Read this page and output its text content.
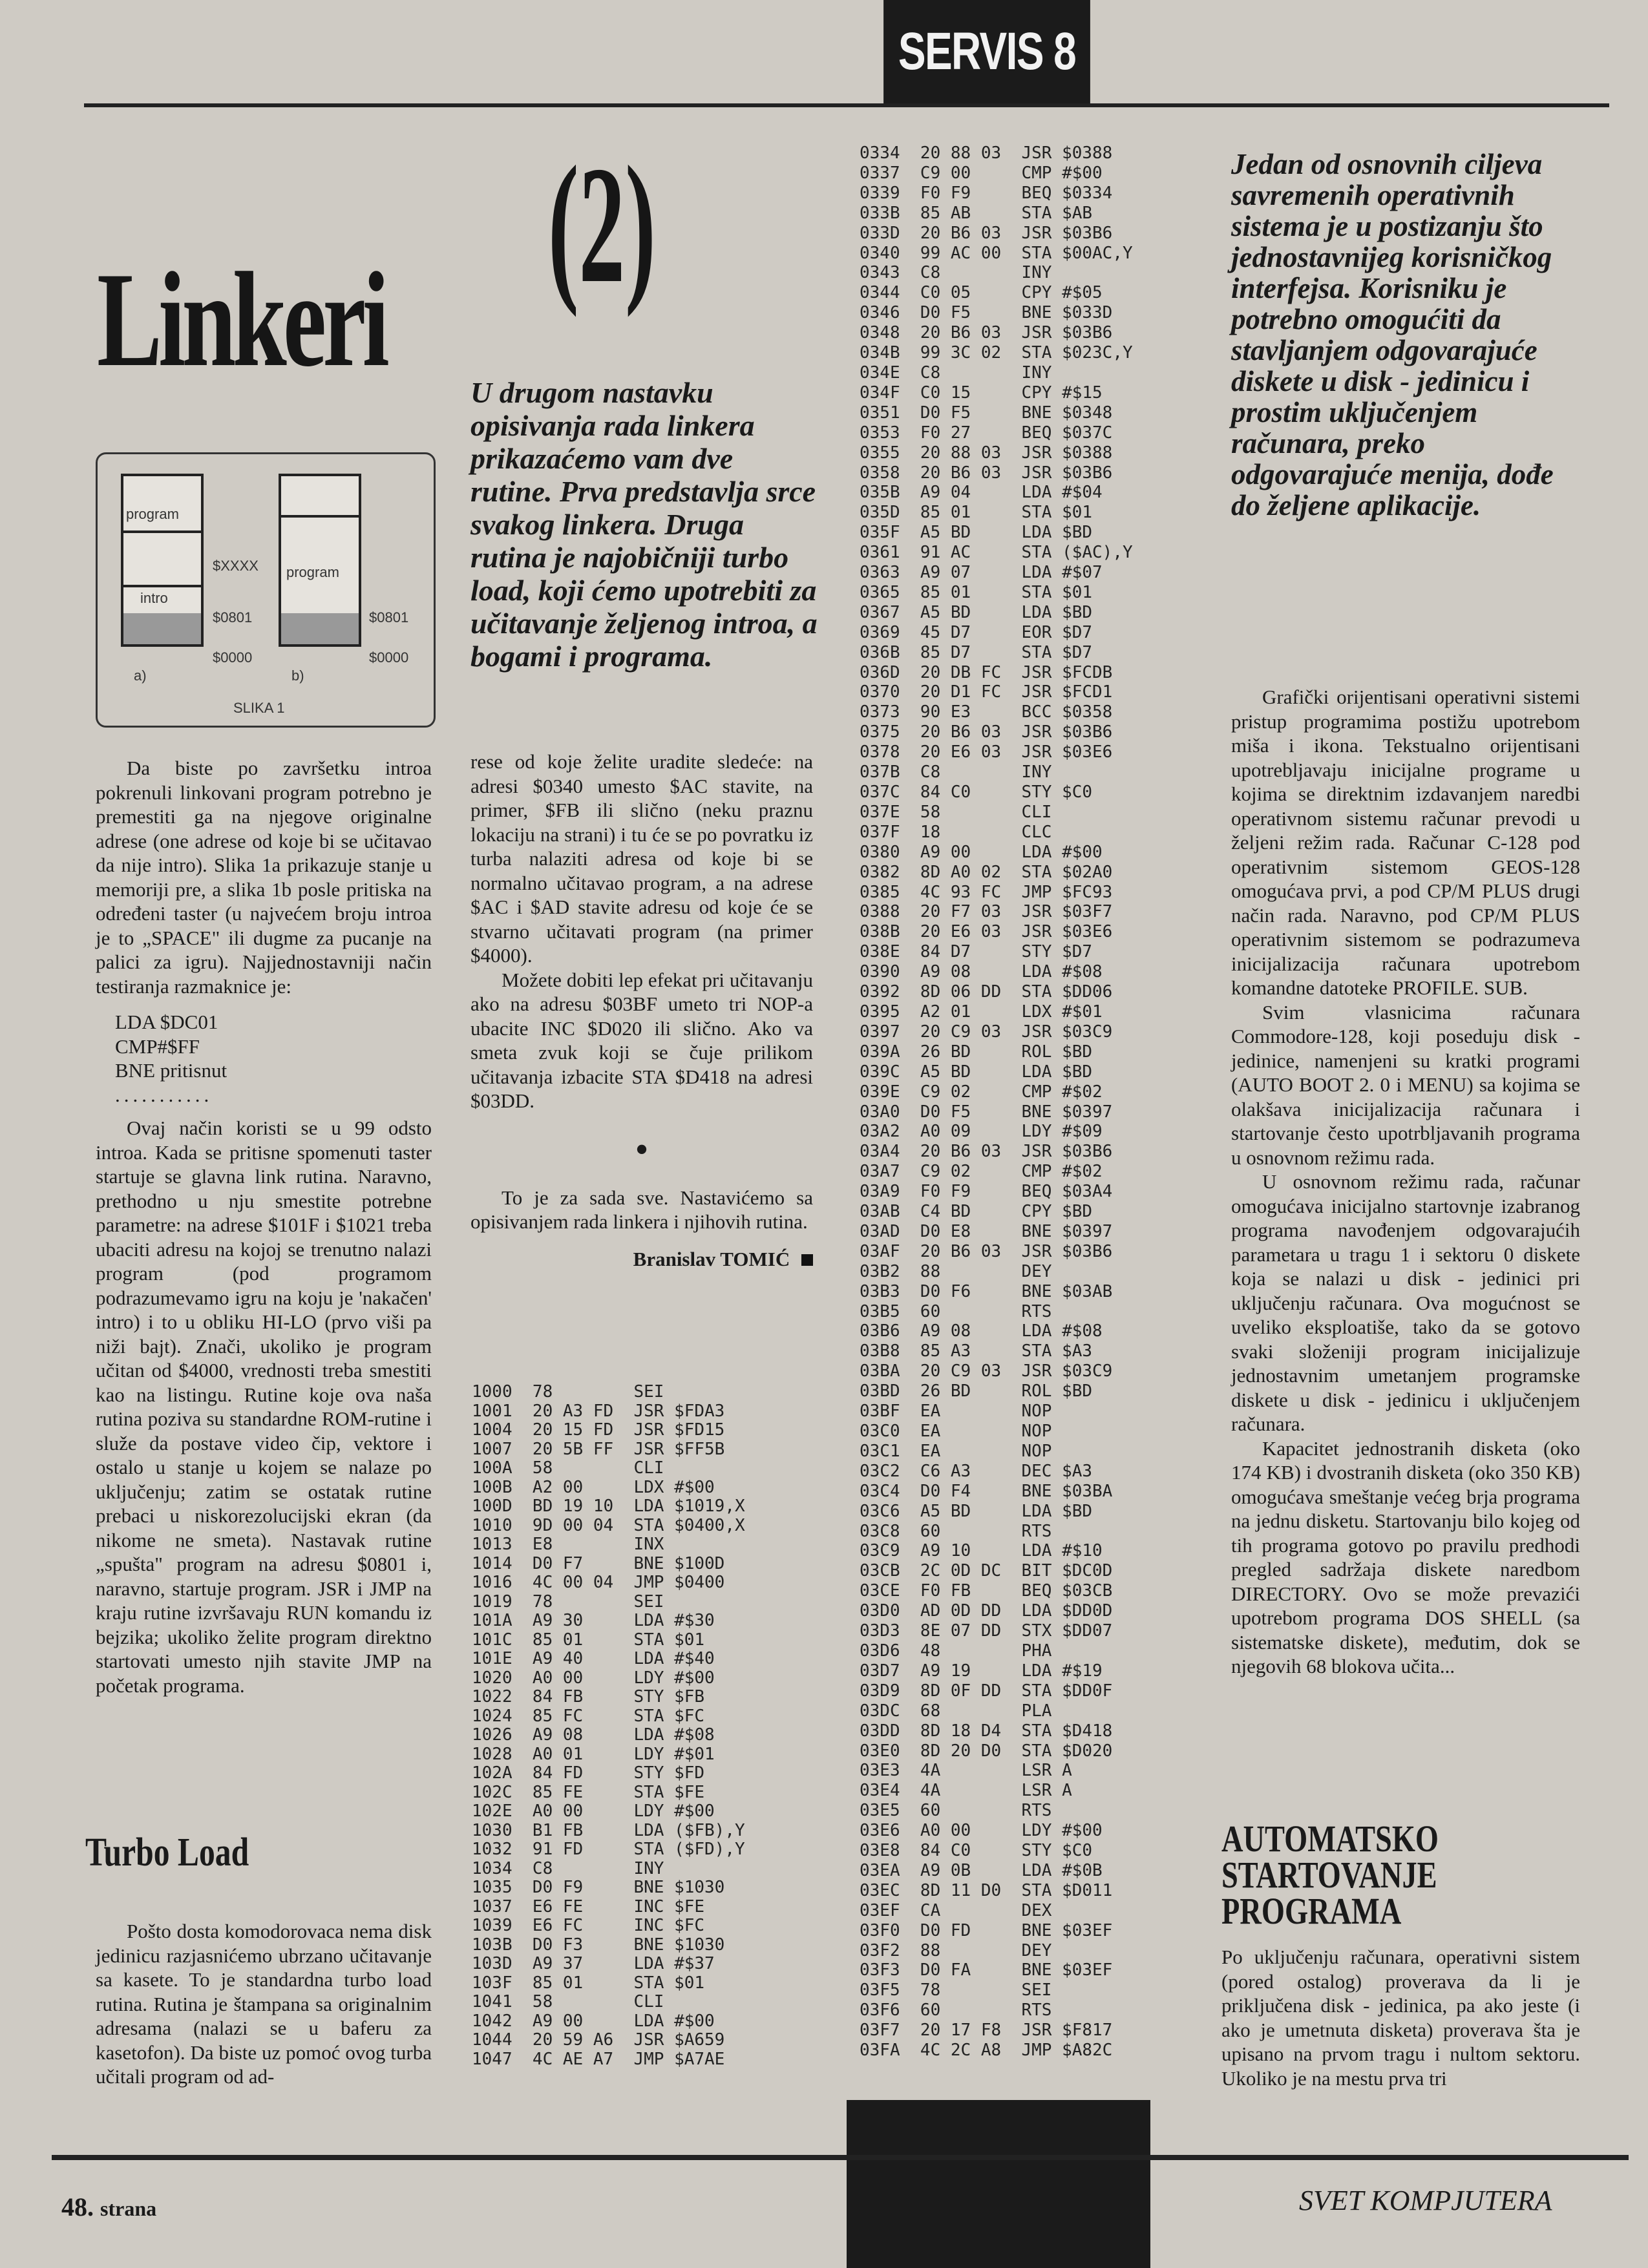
SERVIS 8
Linkeri
(2)
program
intro
$XXXX
$0801
$0000
program
$0801
$0000
a)	b)
SLIKA 1
U drugom nastavku opisivanja rada linkera prikazaćemo vam dve rutine. Prva predstavlja srce svakog linkera. Druga rutina je najobičniji turbo load, koji ćemo upotrebiti za učitavanje željenog introa, a bogami i programa.

Da biste po završetku introa pokrenuli linkovani program potrebno je premestiti ga na njegove originalne adrese (one adrese od koje bi se učitavao da nije intro). Slika 1a prikazuje stanje u memoriji pre, a slika 1b posle pritiska na određeni taster (u najvećem broju introa je to „SPACE" ili dugme za pucanje na palici za igru). Najjednostavniji način testiranja razmaknice je:

LDA $DC01
CMP#$FF
BNE pritisnut
...........

Ovaj način koristi se u 99 odsto introa. Kada se pritisne spomenuti taster startuje se glavna link rutina. Naravno, prethodno u nju smestite potrebne parametre: na adrese $101F i $1021 treba ubaciti adresu na kojoj se trenutno nalazi program (pod programom podrazumevamo igru na koju je 'nakačen' intro) i to u obliku HI-LO (prvo viši pa niži bajt). Znači, ukoliko je program učitan od $4000, vrednosti treba smestiti kao na listingu. Rutine koje ova naša rutina poziva su standardne ROM-rutine i služe da postave video čip, vektore i ostalo u stanje u kojem se nalaze po uključenju; zatim se ostatak rutine prebaci u niskorezolucijski ekran (da nikome ne smeta). Nastavak rutine „spušta" program na adresu $0801 i, naravno, startuje program. JSR i JMP na kraju rutine izvršavaju RUN komandu iz bejzika; ukoliko želite program direktno startovati umesto njih stavite JMP na početak programa.

Turbo Load

Pošto dosta komodorovaca nema disk jedinicu razjasnićemo ubrzano učitavanje sa kasete. To je standardna turbo load rutina. Rutina je štampana sa originalnim adresama (nalazi se u baferu za kasetofon). Da biste uz pomoć ovog turba učitali program od ad-

rese od koje želite uradite sledeće: na adresi $0340 umesto $AC stavite, na primer, $FB ili slično (neku praznu lokaciju na strani) i tu će se po povratku iz turba nalaziti adresa od koje bi se normalno učitavao program, a na adrese $AC i $AD stavite adresu od koje će se stvarno učitavati program (na primer $4000).

Možete dobiti lep efekat pri učitavanju ako na adresu $03BF umeto tri NOP-a ubacite INC $D020 ili slično. Ako va smeta zvuk koji se čuje prilikom učitavanja izbacite STA $D418 na adresi $03DD.

•

To je za sada sve. Nastavićemo sa opisivanjem rada linkera i njihovih rutina.

Branislav TOMIĆ
1000  78        SEI
1001  20 A3 FD  JSR $FDA3
1004  20 15 FD  JSR $FD15
1007  20 5B FF  JSR $FF5B
100A  58        CLI
100B  A2 00     LDX #$00
100D  BD 19 10  LDA $1019,X
1010  9D 00 04  STA $0400,X
1013  E8        INX
1014  D0 F7     BNE $100D
1016  4C 00 04  JMP $0400
1019  78        SEI
101A  A9 30     LDA #$30
101C  85 01     STA $01
101E  A9 40     LDA #$40
1020  A0 00     LDY #$00
1022  84 FB     STY $FB
1024  85 FC     STA $FC
1026  A9 08     LDA #$08
1028  A0 01     LDY #$01
102A  84 FD     STY $FD
102C  85 FE     STA $FE
102E  A0 00     LDY #$00
1030  B1 FB     LDA ($FB),Y
1032  91 FD     STA ($FD),Y
1034  C8        INY
1035  D0 F9     BNE $1030
1037  E6 FE     INC $FE
1039  E6 FC     INC $FC
103B  D0 F3     BNE $1030
103D  A9 37     LDA #$37
103F  85 01     STA $01
1041  58        CLI
1042  A9 00     LDA #$00
1044  20 59 A6  JSR $A659
1047  4C AE A7  JMP $A7AE
0334  20 88 03  JSR $0388
0337  C9 00     CMP #$00
0339  F0 F9     BEQ $0334
033B  85 AB     STA $AB
033D  20 B6 03  JSR $03B6
0340  99 AC 00  STA $00AC,Y
0343  C8        INY
0344  C0 05     CPY #$05
0346  D0 F5     BNE $033D
0348  20 B6 03  JSR $03B6
034B  99 3C 02  STA $023C,Y
034E  C8        INY
034F  C0 15     CPY #$15
0351  D0 F5     BNE $0348
0353  F0 27     BEQ $037C
0355  20 88 03  JSR $0388
0358  20 B6 03  JSR $03B6
035B  A9 04     LDA #$04
035D  85 01     STA $01
035F  A5 BD     LDA $BD
0361  91 AC     STA ($AC),Y
0363  A9 07     LDA #$07
0365  85 01     STA $01
0367  A5 BD     LDA $BD
0369  45 D7     EOR $D7
036B  85 D7     STA $D7
036D  20 DB FC  JSR $FCDB
0370  20 D1 FC  JSR $FCD1
0373  90 E3     BCC $0358
0375  20 B6 03  JSR $03B6
0378  20 E6 03  JSR $03E6
037B  C8        INY
037C  84 C0     STY $C0
037E  58        CLI
037F  18        CLC
0380  A9 00     LDA #$00
0382  8D A0 02  STA $02A0
0385  4C 93 FC  JMP $FC93
0388  20 F7 03  JSR $03F7
038B  20 E6 03  JSR $03E6
038E  84 D7     STY $D7
0390  A9 08     LDA #$08
0392  8D 06 DD  STA $DD06
0395  A2 01     LDX #$01
0397  20 C9 03  JSR $03C9
039A  26 BD     ROL $BD
039C  A5 BD     LDA $BD
039E  C9 02     CMP #$02
03A0  D0 F5     BNE $0397
03A2  A0 09     LDY #$09
03A4  20 B6 03  JSR $03B6
03A7  C9 02     CMP #$02
03A9  F0 F9     BEQ $03A4
03AB  C4 BD     CPY $BD
03AD  D0 E8     BNE $0397
03AF  20 B6 03  JSR $03B6
03B2  88        DEY
03B3  D0 F6     BNE $03AB
03B5  60        RTS
03B6  A9 08     LDA #$08
03B8  85 A3     STA $A3
03BA  20 C9 03  JSR $03C9
03BD  26 BD     ROL $BD
03BF  EA        NOP
03C0  EA        NOP
03C1  EA        NOP
03C2  C6 A3     DEC $A3
03C4  D0 F4     BNE $03BA
03C6  A5 BD     LDA $BD
03C8  60        RTS
03C9  A9 10     LDA #$10
03CB  2C 0D DC  BIT $DC0D
03CE  F0 FB     BEQ $03CB
03D0  AD 0D DD  LDA $DD0D
03D3  8E 07 DD  STX $DD07
03D6  48        PHA
03D7  A9 19     LDA #$19
03D9  8D 0F DD  STA $DD0F
03DC  68        PLA
03DD  8D 18 D4  STA $D418
03E0  8D 20 D0  STA $D020
03E3  4A        LSR A
03E4  4A        LSR A
03E5  60        RTS
03E6  A0 00     LDY #$00
03E8  84 C0     STY $C0
03EA  A9 0B     LDA #$0B
03EC  8D 11 D0  STA $D011
03EF  CA        DEX
03F0  D0 FD     BNE $03EF
03F2  88        DEY
03F3  D0 FA     BNE $03EF
03F5  78        SEI
03F6  60        RTS
03F7  20 17 F8  JSR $F817
03FA  4C 2C A8  JMP $A82C
Jedan od osnovnih ciljeva savremenih operativnih sistema je u postizanju što jednostavnijeg korisničkog interfejsa. Korisniku je potrebno omogućiti da stavljanjem odgovarajuće diskete u disk - jedinicu i prostim uključenjem računara, preko odgovarajuće menija, dođe do željene aplikacije.

Grafički orijentisani operativni sistemi pristup programima postižu upotrebom miša i ikona. Tekstualno orijentisani upotrebljavaju inicijalne programe u kojima se direktnim izdavanjem naredbi operativnom sistemu računar prevodi u željeni režim rada. Računar C-128 pod operativnim sistemom GEOS-128 omogućava prvi, a pod CP/M PLUS drugi način rada. Naravno, pod CP/M PLUS operativnim sistemom se podrazumeva inicijalizacija računara upotrebom komandne datoteke PROFILE. SUB.

Svim vlasnicima računara Commodore-128, koji poseduju disk - jedinice, namenjeni su kratki programi (AUTO BOOT 2. 0 i MENU) sa kojima se olakšava inicijalizacija računara i startovanje često upotrbljavanih programa u osnovnom režimu rada.

U osnovnom režimu rada, računar omogućava inicijalno startovnje izabranog programa navođenjem odgovarajućih parametara u tragu 1 i sektoru 0 diskete koja se nalazi u disk - jedinici pri uključenju računara. Ova mogućnost se uveliko eksploatiše, tako da se gotovo svaki složeniji program inicijalizuje jednostavnim umetanjem programske diskete u disk - jedinicu i uključenjem računara.

Kapacitet jednostranih disketa (oko 174 KB) i dvostranih disketa (oko 350 KB) omogućava smeštanje većeg brja programa na jednu disketu. Startovanju bilo kojeg od tih programa gotovo po pravilu predhodi pregled sadržaja diskete naredbom DIRECTORY. Ovo se može prevazići upotrebom programa DOS SHELL (sa sistematske diskete), međutim, dok se njegovih 68 blokova učita...

AUTOMATSKO STARTOVANJE PROGRAMA

Po uključenju računara, operativni sistem (pored ostalog) proverava da li je priključena disk - jedinica, pa ako jeste (i ako je umetnuta disketa) proverava šta je upisano na prvom tragu i nultom sektoru. Ukoliko je na mestu prva tri

48. strana	SVET KOMPJUTERA
